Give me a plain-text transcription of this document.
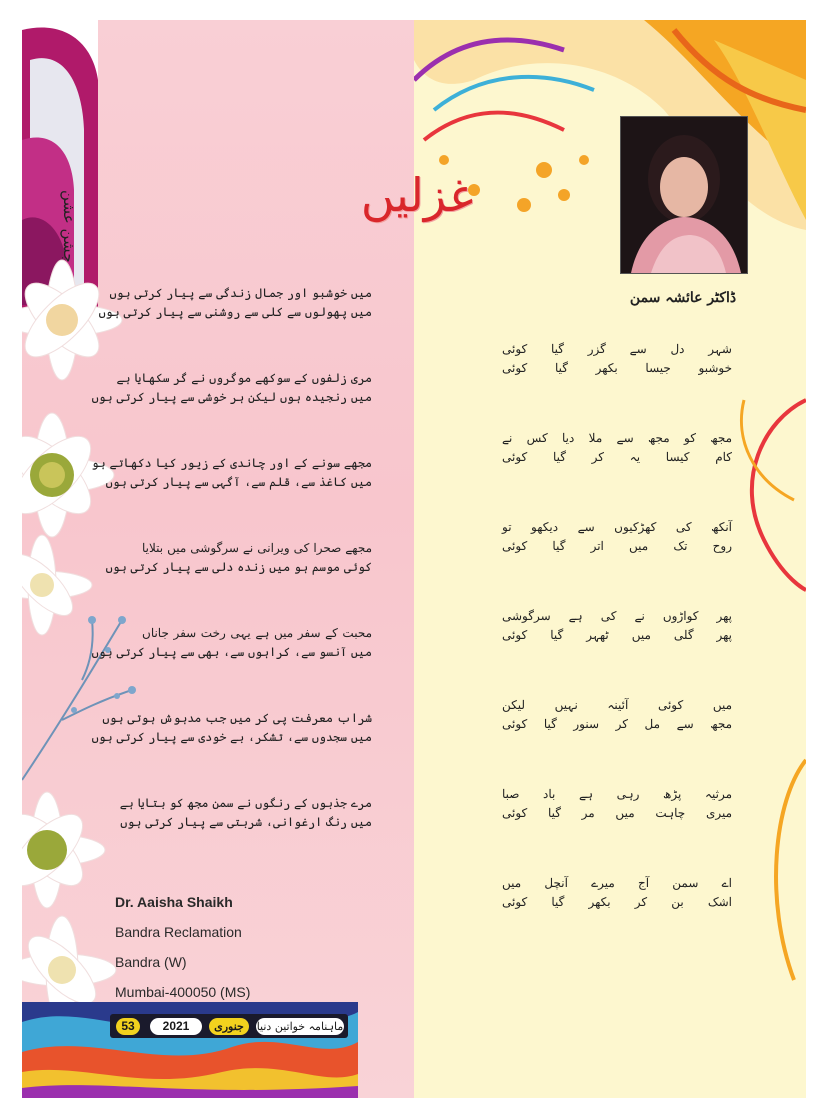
جشن عشن	غزلیں
ڈاکٹر عائشہ سمن
میں خوشبو اور جمال زندگی سے پیار کرتی ہوں
میں پھولوں سے کلی سے روشنی سے پیار کرتی ہوں
مری زلفوں کے سوکھے موگروں نے گر سکھایا ہے
میں رنجیدہ ہوں لیکن ہر خوشی سے پیار کرتی ہوں
مجھے سونے کے اور چاندی کے زیور کیا دکھاتے ہو
میں کاغذ سے، قلم سے، آگہی سے پیار کرتی ہوں
مجھے صحرا کی ویرانی نے سرگوشی میں بتلایا
کوئی موسم ہو میں زندہ دلی سے پیار کرتی ہوں
محبت کے سفر میں ہے یہی رخت سفر جاناں
میں آنسو سے، کراہوں سے، بھی سے پیار کرتی ہوں
شراب معرفت پی کر میں جب مدہوش ہوتی ہوں
میں سجدوں سے، تشکر، بے خودی سے پیار کرتی ہوں
مرے جذبوں کے رنگوں نے سمن مجھ کو بتایا ہے
میں رنگ ارغوانی، شربتی سے پیار کرتی ہوں
شہر دل سے گزر گیا کوئی
خوشبو جیسا بکھر گیا کوئی
مجھ کو مجھ سے ملا دیا کس نے
کام کیسا یہ کر گیا کوئی
آنکھ کی کھڑکیوں سے دیکھو تو
روح تک میں اتر گیا کوئی
پھر کواڑوں نے کی ہے سرگوشی
پھر گلی میں ٹھہر گیا کوئی
میں کوئی آئینہ نہیں لیکن
مجھ سے مل کر سنور گیا کوئی
مرثیہ پڑھ رہی ہے باد صبا
میری چاہت میں مر گیا کوئی
اے سمن آج میرے آنچل میں
اشک بن کر بکھر گیا کوئی
Dr. Aaisha Shaikh
Bandra Reclamation
Bandra (W)
Mumbai-400050 (MS)
53	2021	جنوری	ماہنامہ خواتین دنیا
